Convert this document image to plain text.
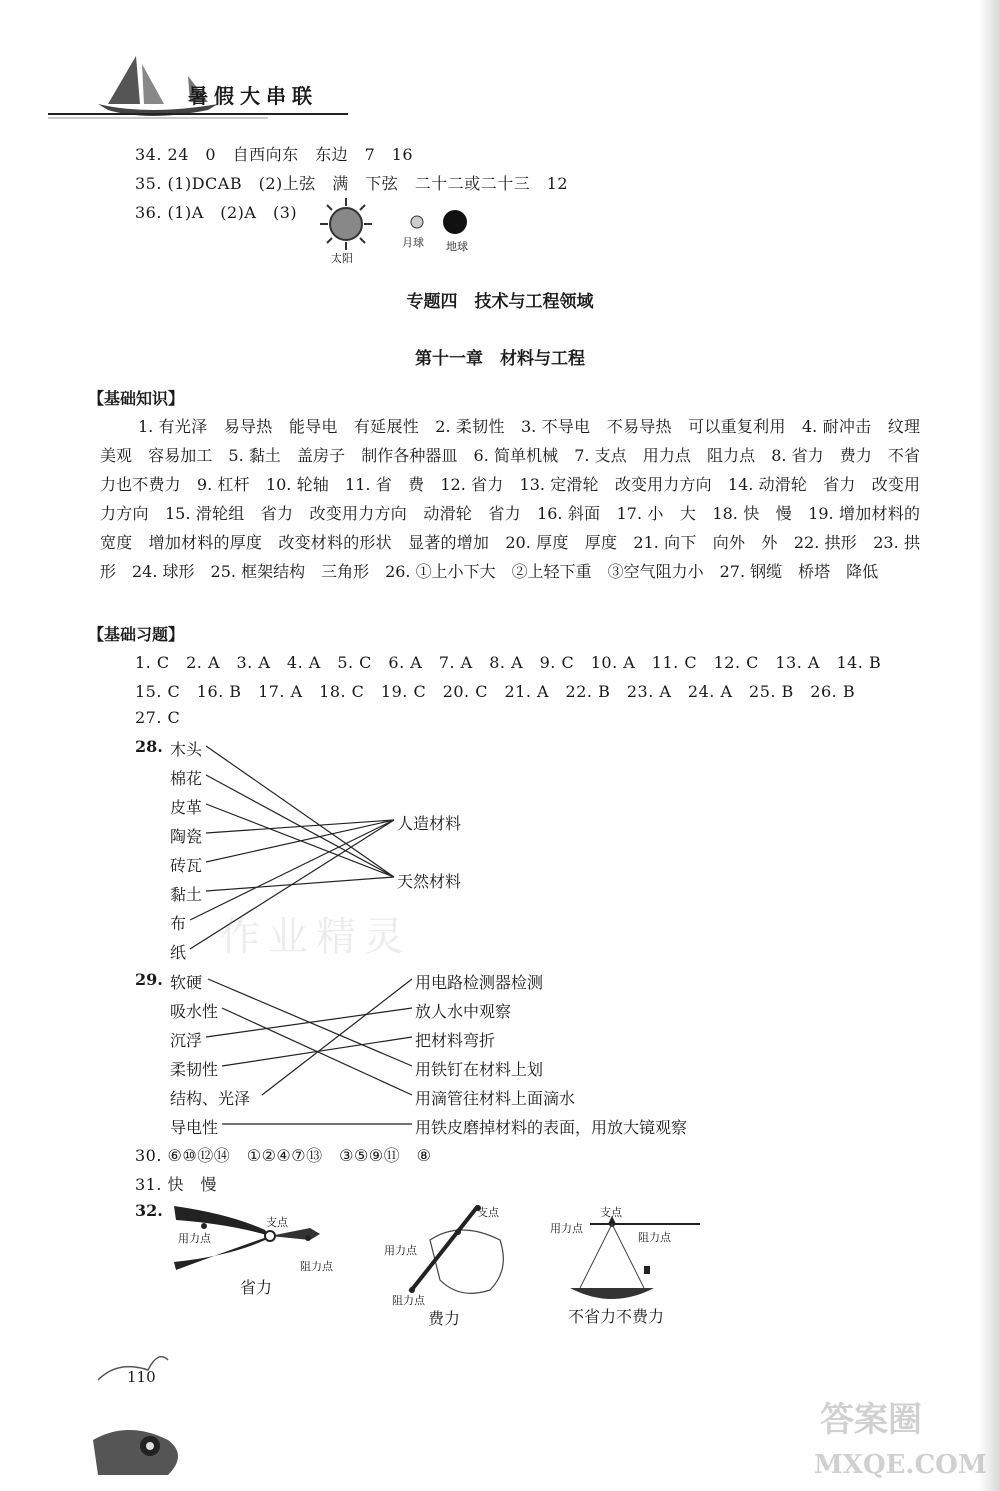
暑假大串联
34. 24　0　自西向东　东边　7　16
35. (1)DCAB　(2)上弦　满　下弦　二十二或二十三　12
36. (1)A　(2)A　(3)
太阳
月球 地球
专题四　技术与工程领域
第十一章　材料与工程
【基础知识】
1. 有光泽　易导热　能导电　有延展性　2. 柔韧性　3. 不导电　不易导热　可以重复利用　4. 耐冲击　纹理美观　容易加工　5. 黏土　盖房子　制作各种器皿　6. 简单机械　7. 支点　用力点　阻力点　8. 省力　费力　不省力也不费力　9. 杠杆　10. 轮轴　11. 省　费　12. 省力　13. 定滑轮　改变用力方向　14. 动滑轮　省力　改变用力方向　15. 滑轮组　省力　改变用力方向　动滑轮　省力　16. 斜面　17. 小　大　18. 快　慢　19. 增加材料的宽度　增加材料的厚度　改变材料的形状　显著的增加　20. 厚度　厚度　21. 向下　向外　外　22. 拱形　23. 拱形　24. 球形　25. 框架结构　三角形　26. ①上小下大　②上轻下重　③空气阻力小　27. 钢缆　桥塔　降低
【基础习题】
1. C　2. A　3. A　4. A　5. C　6. A　7. A　8. A　9. C　10. A　11. C　12. C　13. A　14. B
15. C　16. B　17. A　18. C　19. C　20. C　21. A　22. B　23. A　24. A　25. B　26. B
27. C
28. 木头
棉花
皮革
陶瓷
砖瓦
黏土
布
纸
人造材料
天然材料
29. 软硬
吸水性
沉浮
柔韧性
结构、光泽
导电性
用电路检测器检测
放人水中观察
把材料弯折
用铁钉在材料上划
用滴管往材料上面滴水
用铁皮磨掉材料的表面，用放大镜观察
30. ⑥⑩⑫⑭　①②④⑦⑬　③⑤⑨⑪　⑧
31. 快　慢
32.
支点
用力点
阻力点
省力
支点
用力点
阻力点
费力
支点
用力点
阻力点
不省力不费力
110
作业精灵
答案圈
MXQE.COM
